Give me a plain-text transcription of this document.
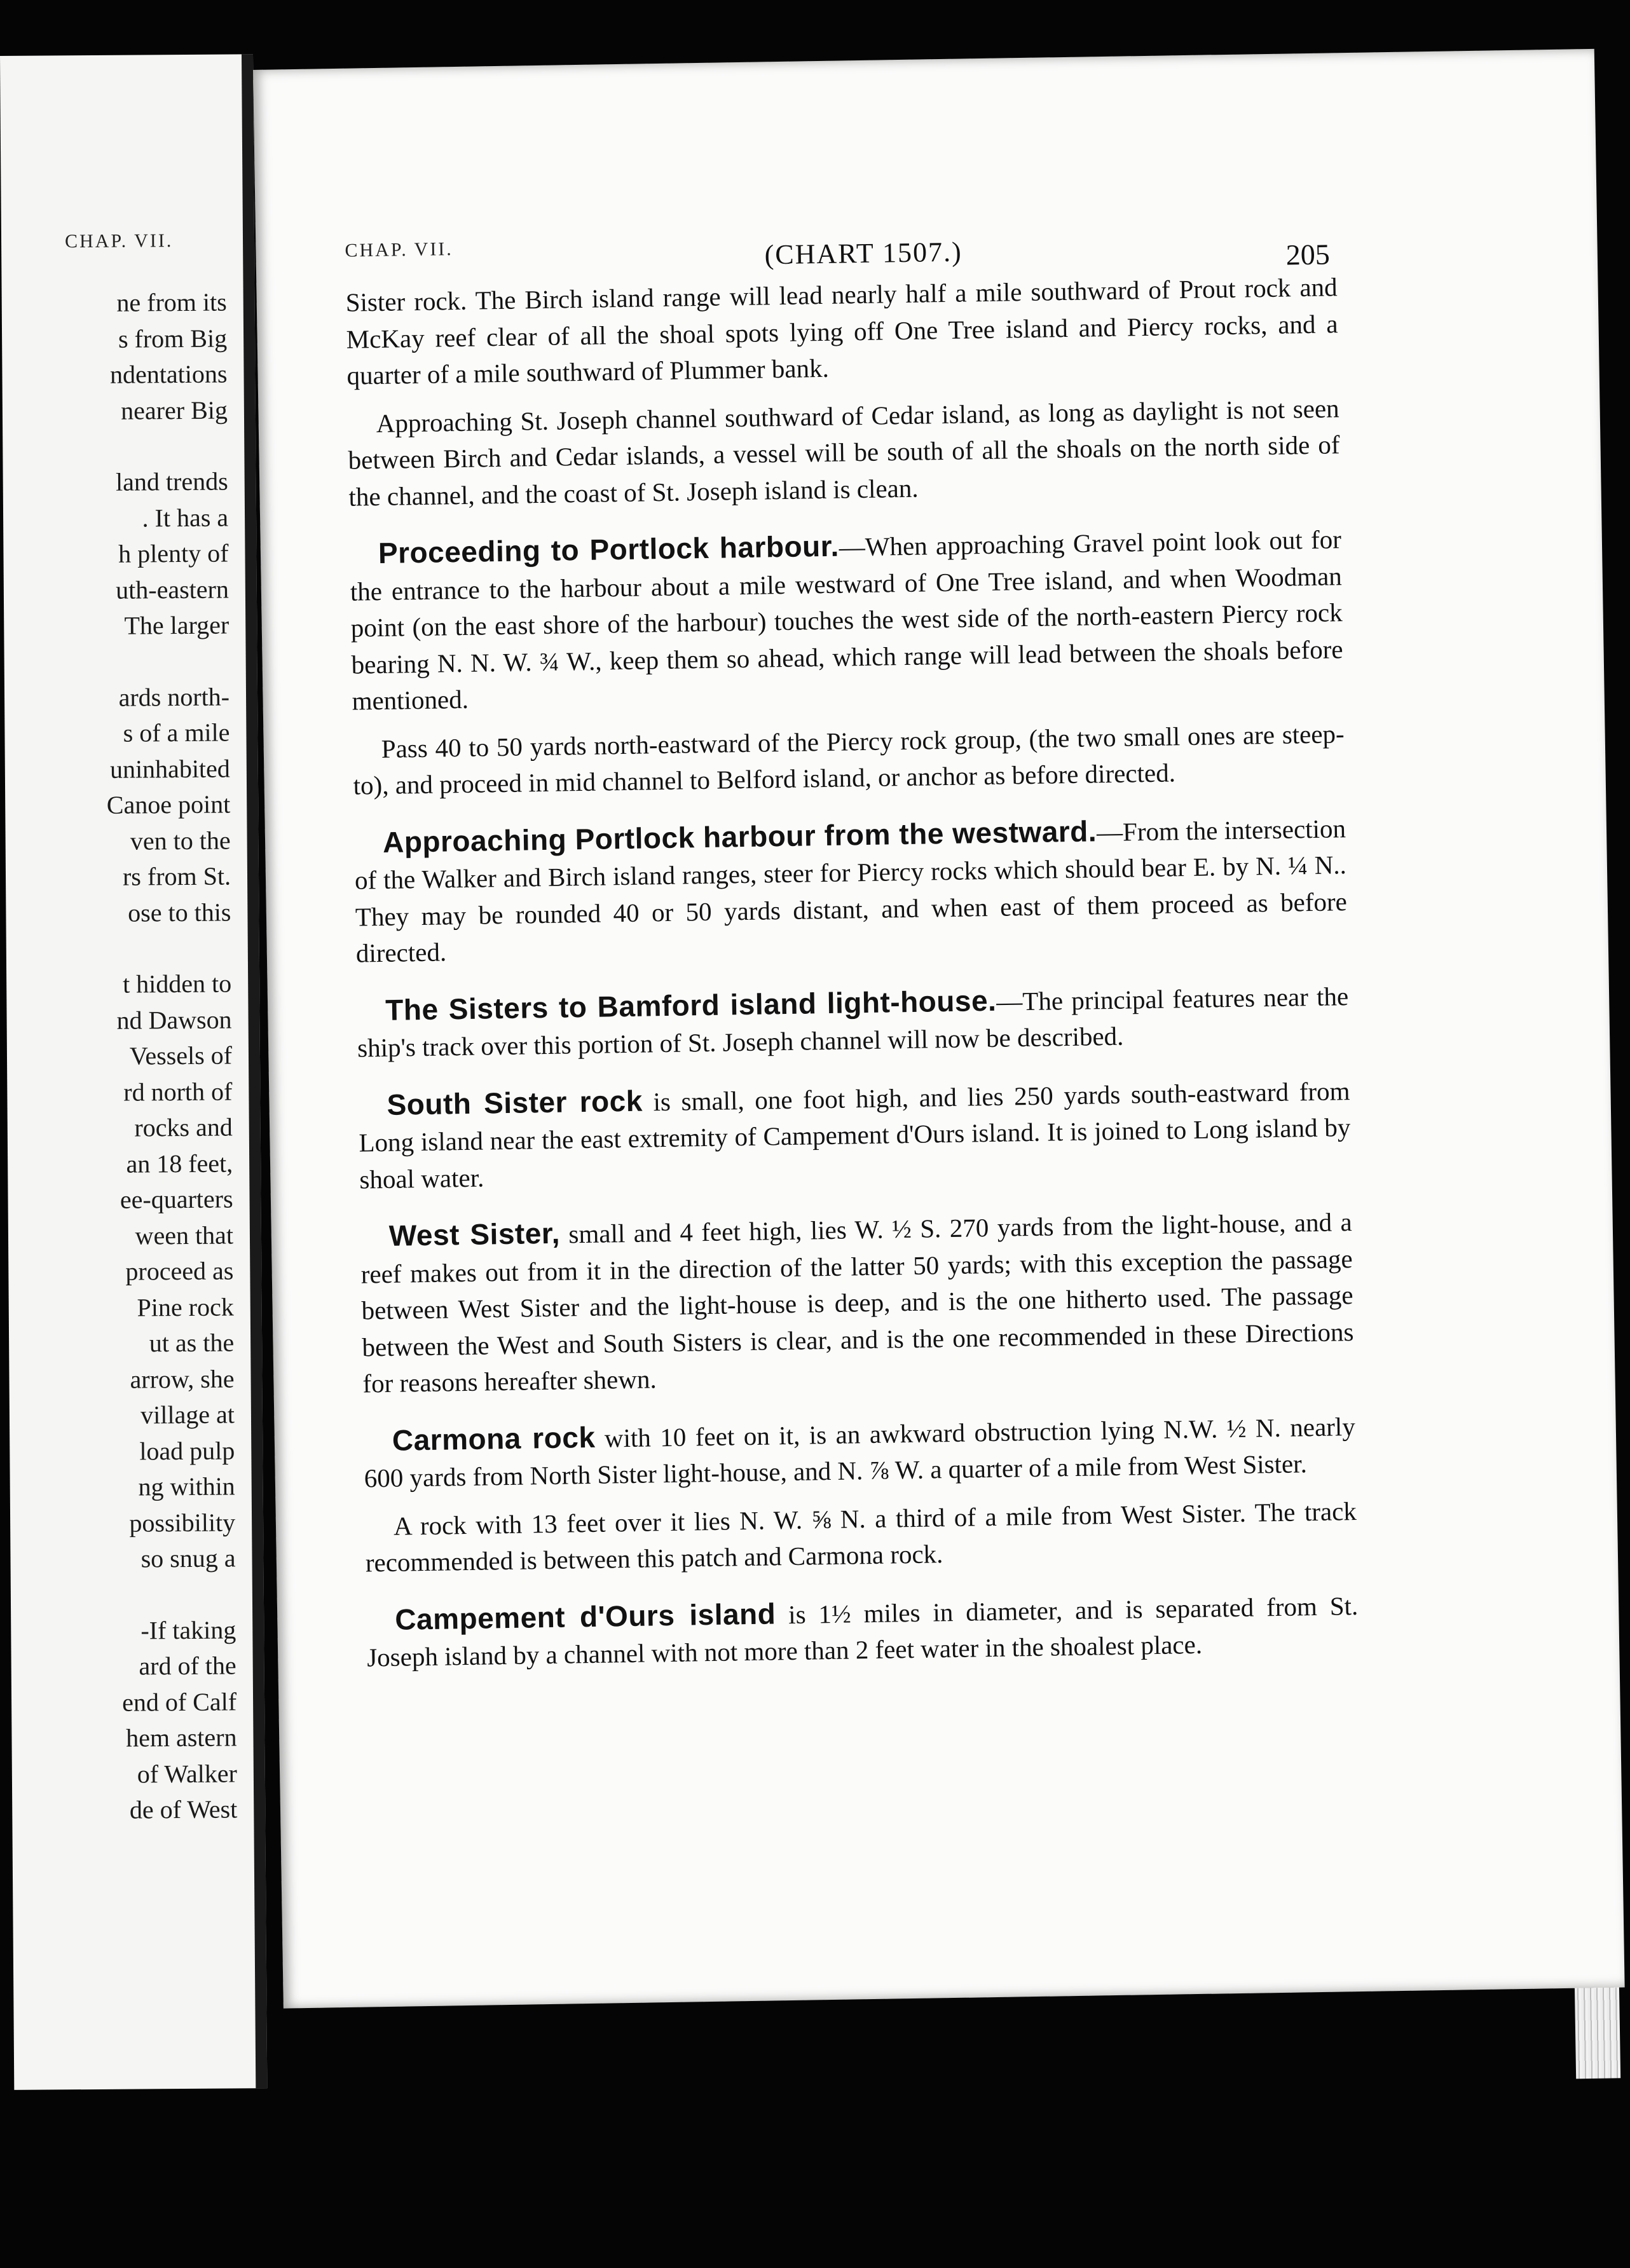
CHAP. VII.
ne from its
s from Big
ndentations
nearer Big
land trends
. It has a
h plenty of
uth-eastern
The larger
ards north-
s of a mile
uninhabited
Canoe point
ven to the
rs from St.
ose to this
t hidden to
nd Dawson
Vessels of
rd north of
rocks and
an 18 feet,
ee-quarters
ween that
proceed as
Pine rock
ut as the
arrow, she
village at
load pulp
ng within
possibility
so snug a
-If taking
ard of the
end of Calf
hem astern
of Walker
de of West
CHAP. VII.	(CHART 1507.)	205

Sister rock. The Birch island range will lead nearly half a mile southward of Prout rock and McKay reef clear of all the shoal spots lying off One Tree island and Piercy rocks, and a quarter of a mile southward of Plummer bank.

Approaching St. Joseph channel southward of Cedar island, as long as daylight is not seen between Birch and Cedar islands, a vessel will be south of all the shoals on the north side of the channel, and the coast of St. Joseph island is clean.

Proceeding to Portlock harbour.—When approaching Gravel point look out for the entrance to the harbour about a mile westward of One Tree island, and when Woodman point (on the east shore of the harbour) touches the west side of the north-eastern Piercy rock bearing N. N. W. ¾ W., keep them so ahead, which range will lead between the shoals before mentioned.

Pass 40 to 50 yards north-eastward of the Piercy rock group, (the two small ones are steep-to), and proceed in mid channel to Belford island, or anchor as before directed.

Approaching Portlock harbour from the westward.—From the intersection of the Walker and Birch island ranges, steer for Piercy rocks which should bear E. by N. ¼ N.. They may be rounded 40 or 50 yards distant, and when east of them proceed as before directed.

The Sisters to Bamford island light-house.—The principal features near the ship's track over this portion of St. Joseph channel will now be described.

South Sister rock is small, one foot high, and lies 250 yards south-eastward from Long island near the east extremity of Campement d'Ours island. It is joined to Long island by shoal water.

West Sister, small and 4 feet high, lies W. ½ S. 270 yards from the light-house, and a reef makes out from it in the direction of the latter 50 yards; with this exception the passage between West Sister and the light-house is deep, and is the one hitherto used. The passage between the West and South Sisters is clear, and is the one recommended in these Directions for reasons hereafter shewn.

Carmona rock with 10 feet on it, is an awkward obstruction lying N.W. ½ N. nearly 600 yards from North Sister light-house, and N. ⅞ W. a quarter of a mile from West Sister.

A rock with 13 feet over it lies N. W. ⅝ N. a third of a mile from West Sister. The track recommended is between this patch and Carmona rock.

Campement d'Ours island is 1½ miles in diameter, and is separated from St. Joseph island by a channel with not more than 2 feet water in the shoalest place.
